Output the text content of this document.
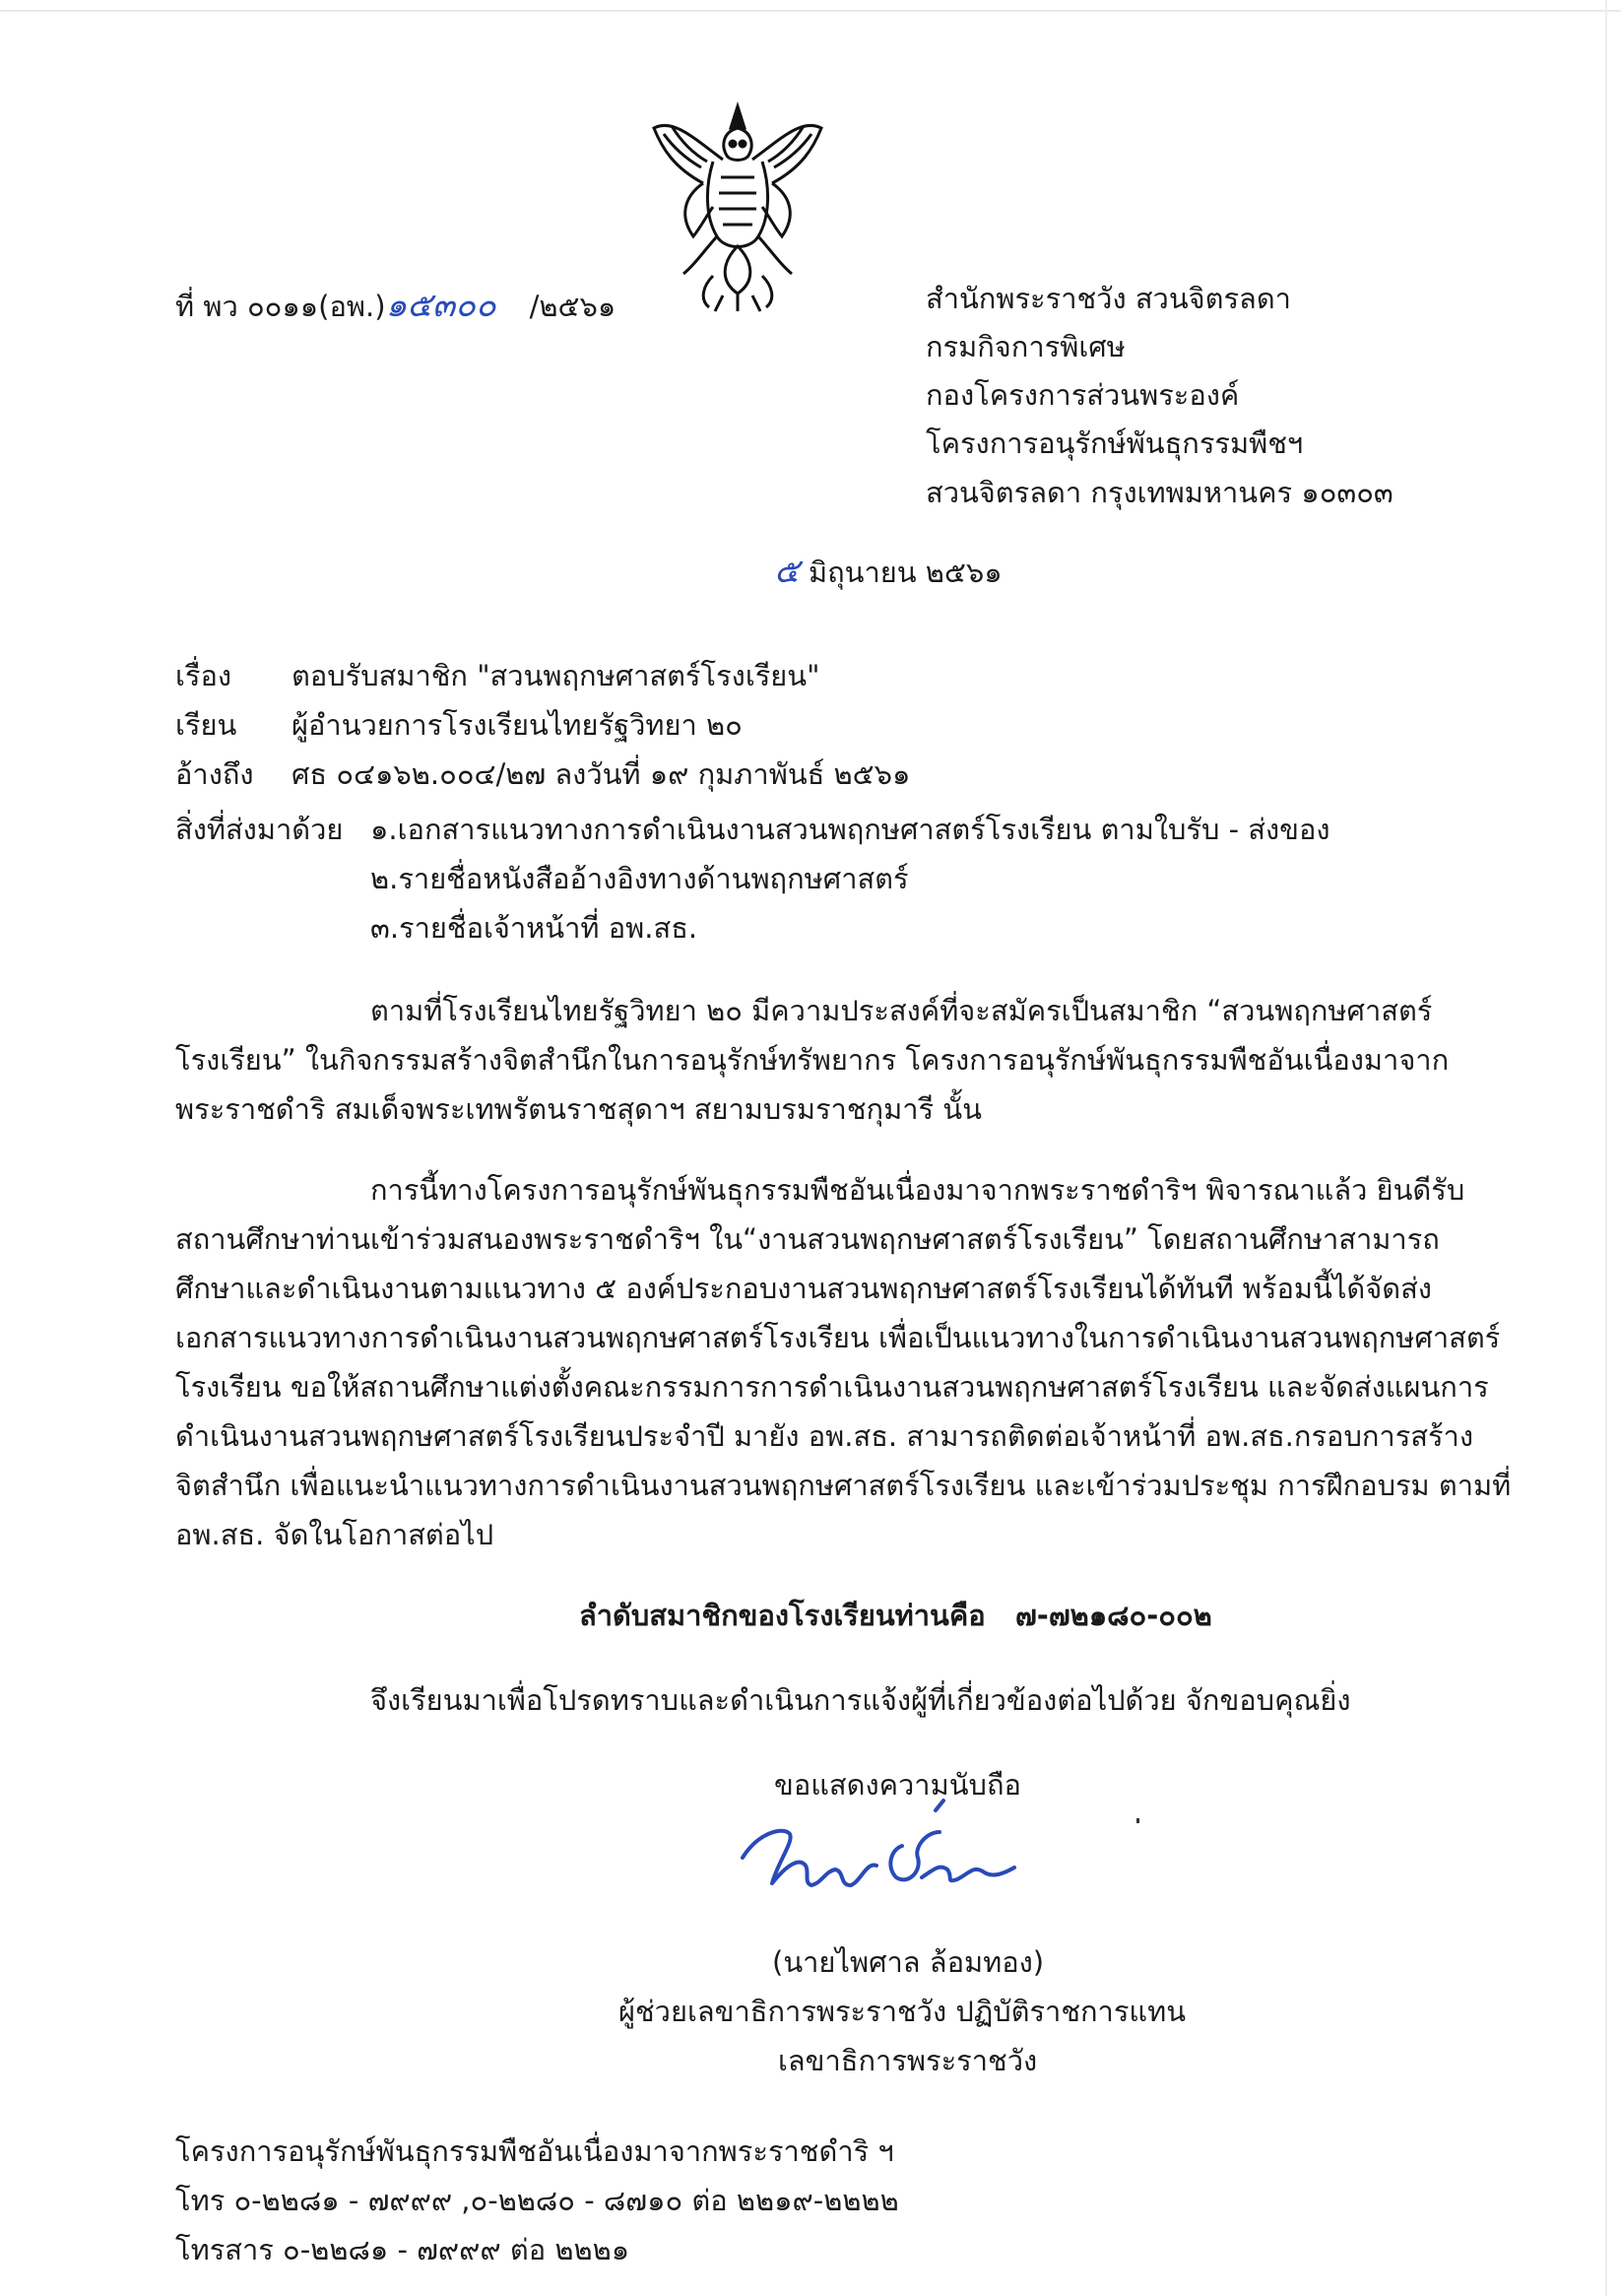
ที่ พว ๐๐๑๑(อพ.)๑๕๓๐๐ /๒๕๖๑	สำนักพระราชวัง สวนจิตรลดา
กรมกิจการพิเศษ
กองโครงการส่วนพระองค์
โครงการอนุรักษ์พันธุกรรมพืชฯ
สวนจิตรลดา กรุงเทพมหานคร ๑๐๓๐๓
๕ มิถุนายน ๒๕๖๑
เรื่อง ตอบรับสมาชิก "สวนพฤกษศาสตร์โรงเรียน"
เรียน ผู้อำนวยการโรงเรียนไทยรัฐวิทยา ๒๐
อ้างถึง ศธ ๐๔๑๖๒.๐๐๔/๒๗ ลงวันที่ ๑๙ กุมภาพันธ์ ๒๕๖๑
สิ่งที่ส่งมาด้วย ๑.เอกสารแนวทางการดำเนินงานสวนพฤกษศาสตร์โรงเรียน ตามใบรับ - ส่งของ
๒.รายชื่อหนังสืออ้างอิงทางด้านพฤกษศาสตร์
๓.รายชื่อเจ้าหน้าที่ อพ.สธ.
ตามที่โรงเรียนไทยรัฐวิทยา ๒๐ มีความประสงค์ที่จะสมัครเป็นสมาชิก “สวนพฤกษศาสตร์
โรงเรียน” ในกิจกรรมสร้างจิตสำนึกในการอนุรักษ์ทรัพยากร โครงการอนุรักษ์พันธุกรรมพืชอันเนื่องมาจาก
พระราชดำริ สมเด็จพระเทพรัตนราชสุดาฯ สยามบรมราชกุมารี นั้น
การนี้ทางโครงการอนุรักษ์พันธุกรรมพืชอันเนื่องมาจากพระราชดำริฯ พิจารณาแล้ว ยินดีรับ
สถานศึกษาท่านเข้าร่วมสนองพระราชดำริฯ ใน“งานสวนพฤกษศาสตร์โรงเรียน” โดยสถานศึกษาสามารถ
ศึกษาและดำเนินงานตามแนวทาง ๕ องค์ประกอบงานสวนพฤกษศาสตร์โรงเรียนได้ทันที พร้อมนี้ได้จัดส่ง
เอกสารแนวทางการดำเนินงานสวนพฤกษศาสตร์โรงเรียน เพื่อเป็นแนวทางในการดำเนินงานสวนพฤกษศาสตร์
โรงเรียน ขอให้สถานศึกษาแต่งตั้งคณะกรรมการการดำเนินงานสวนพฤกษศาสตร์โรงเรียน และจัดส่งแผนการ
ดำเนินงานสวนพฤกษศาสตร์โรงเรียนประจำปี มายัง อพ.สธ. สามารถติดต่อเจ้าหน้าที่ อพ.สธ.กรอบการสร้าง
จิตสำนึก เพื่อแนะนำแนวทางการดำเนินงานสวนพฤกษศาสตร์โรงเรียน และเข้าร่วมประชุม การฝึกอบรม ตามที่
อพ.สธ. จัดในโอกาสต่อไป
ลำดับสมาชิกของโรงเรียนท่านคือ ๗-๗๒๑๘๐-๐๐๒
จึงเรียนมาเพื่อโปรดทราบและดำเนินการแจ้งผู้ที่เกี่ยวข้องต่อไปด้วย จักขอบคุณยิ่ง
ขอแสดงความนับถือ
(นายไพศาล ล้อมทอง)
ผู้ช่วยเลขาธิการพระราชวัง ปฏิบัติราชการแทน
เลขาธิการพระราชวัง
โครงการอนุรักษ์พันธุกรรมพืชอันเนื่องมาจากพระราชดำริ ฯ
โทร ๐-๒๒๘๑ - ๗๙๙๙ ,๐-๒๒๘๐ - ๘๗๑๐ ต่อ ๒๒๑๙-๒๒๒๒
โทรสาร ๐-๒๒๘๑ - ๗๙๙๙ ต่อ ๒๒๒๑
